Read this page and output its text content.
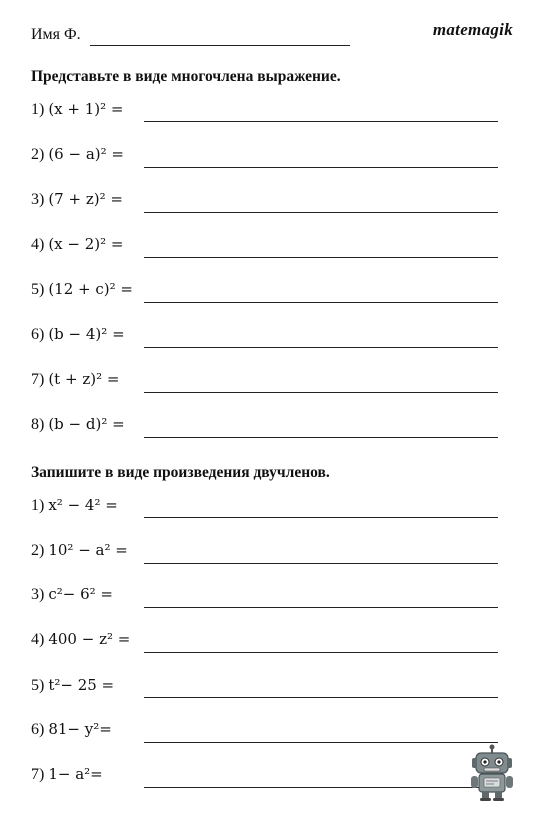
Имя Ф.	matemagik
Представьте в виде многочлена выражение.
1) (x + 1)² =
2) (6 − a)² =
3) (7 + z)² =
4) (x − 2)² =
5) (12 + c)² =
6) (b − 4)² =
7) (t + z)² =
8) (b − d)² =
Запишите в виде произведения двучленов.
1) x² − 4² =
2) 10² − a² =
3) c²− 6² =
4) 400 − z² =
5) t²− 25 =
6) 81− y²=
7) 1− a²=
